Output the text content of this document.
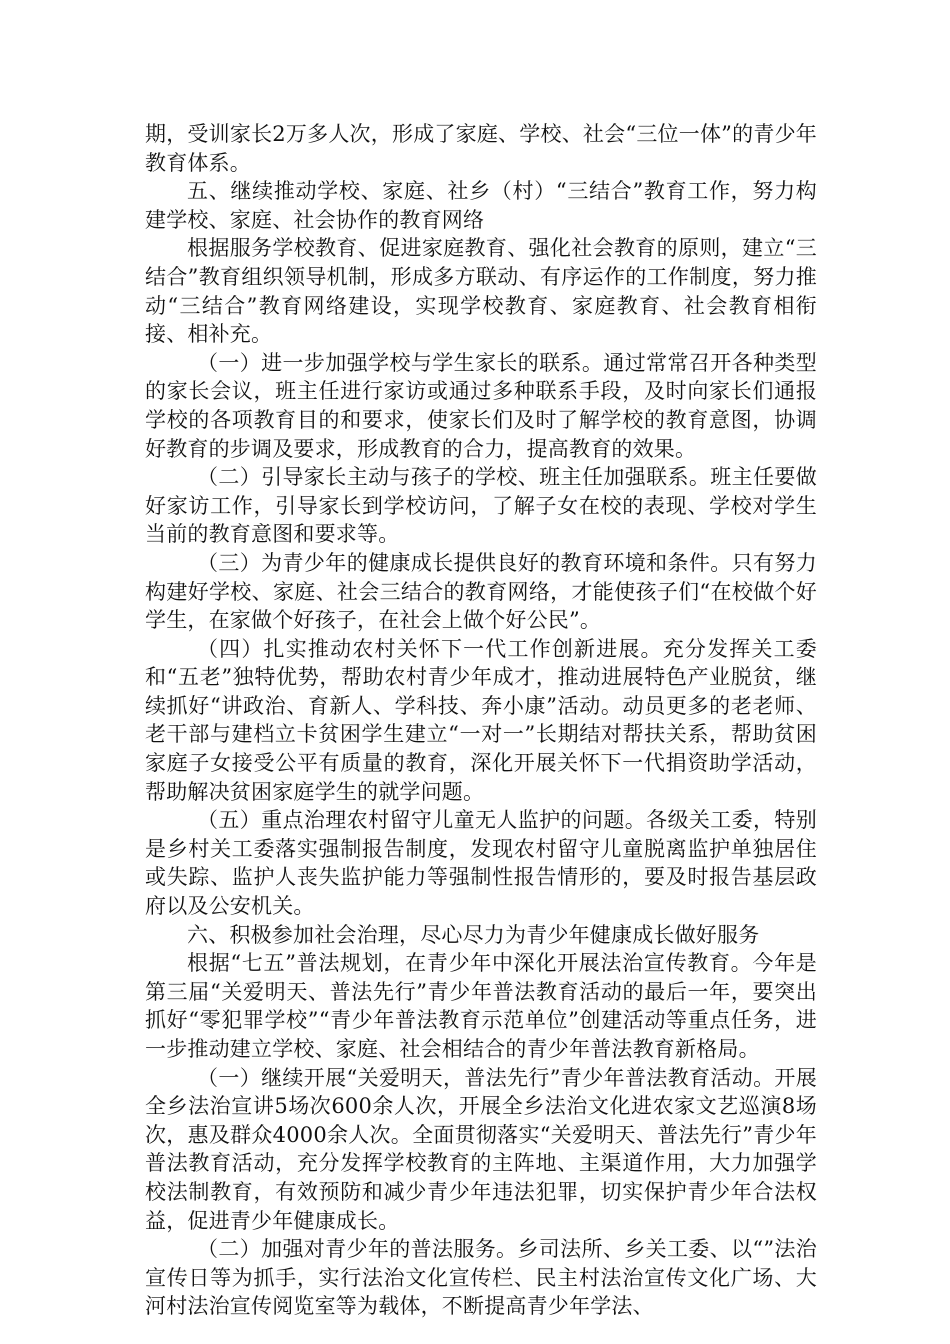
期，受训家长2万多人次，形成了家庭、学校、社会“三位一体”的青少年教育体系。

五、继续推动学校、家庭、社乡（村）“三结合”教育工作，努力构建学校、家庭、社会协作的教育网络

根据服务学校教育、促进家庭教育、强化社会教育的原则，建立“三结合”教育组织领导机制，形成多方联动、有序运作的工作制度，努力推动“三结合”教育网络建设，实现学校教育、家庭教育、社会教育相衔接、相补充。

（一）进一步加强学校与学生家长的联系。通过常常召开各种类型的家长会议，班主任进行家访或通过多种联系手段，及时向家长们通报学校的各项教育目的和要求，使家长们及时了解学校的教育意图，协调好教育的步调及要求，形成教育的合力，提高教育的效果。

（二）引导家长主动与孩子的学校、班主任加强联系。班主任要做好家访工作，引导家长到学校访问，了解子女在校的表现、学校对学生当前的教育意图和要求等。

（三）为青少年的健康成长提供良好的教育环境和条件。只有努力构建好学校、家庭、社会三结合的教育网络，才能使孩子们“在校做个好学生，在家做个好孩子，在社会上做个好公民”。

（四）扎实推动农村关怀下一代工作创新进展。充分发挥关工委和“五老”独特优势，帮助农村青少年成才，推动进展特色产业脱贫，继续抓好“讲政治、育新人、学科技、奔小康”活动。动员更多的老老师、老干部与建档立卡贫困学生建立“一对一”长期结对帮扶关系，帮助贫困家庭子女接受公平有质量的教育，深化开展关怀下一代捐资助学活动，帮助解决贫困家庭学生的就学问题。

（五）重点治理农村留守儿童无人监护的问题。各级关工委，特别是乡村关工委落实强制报告制度，发现农村留守儿童脱离监护单独居住或失踪、监护人丧失监护能力等强制性报告情形的，要及时报告基层政府以及公安机关。

六、积极参加社会治理，尽心尽力为青少年健康成长做好服务

根据“七五”普法规划，在青少年中深化开展法治宣传教育。今年是第三届“关爱明天、普法先行”青少年普法教育活动的最后一年，要突出抓好“零犯罪学校”“青少年普法教育示范单位”创建活动等重点任务，进一步推动建立学校、家庭、社会相结合的青少年普法教育新格局。

（一）继续开展“关爱明天，普法先行”青少年普法教育活动。开展全乡法治宣讲5场次600余人次，开展全乡法治文化进农家文艺巡演8场次，惠及群众4000余人次。全面贯彻落实“关爱明天、普法先行”青少年普法教育活动，充分发挥学校教育的主阵地、主渠道作用，大力加强学校法制教育，有效预防和减少青少年违法犯罪，切实保护青少年合法权益，促进青少年健康成长。

（二）加强对青少年的普法服务。乡司法所、乡关工委、以“”法治宣传日等为抓手，实行法治文化宣传栏、民主村法治宣传文化广场、大河村法治宣传阅览室等为载体，不断提高青少年学法、
